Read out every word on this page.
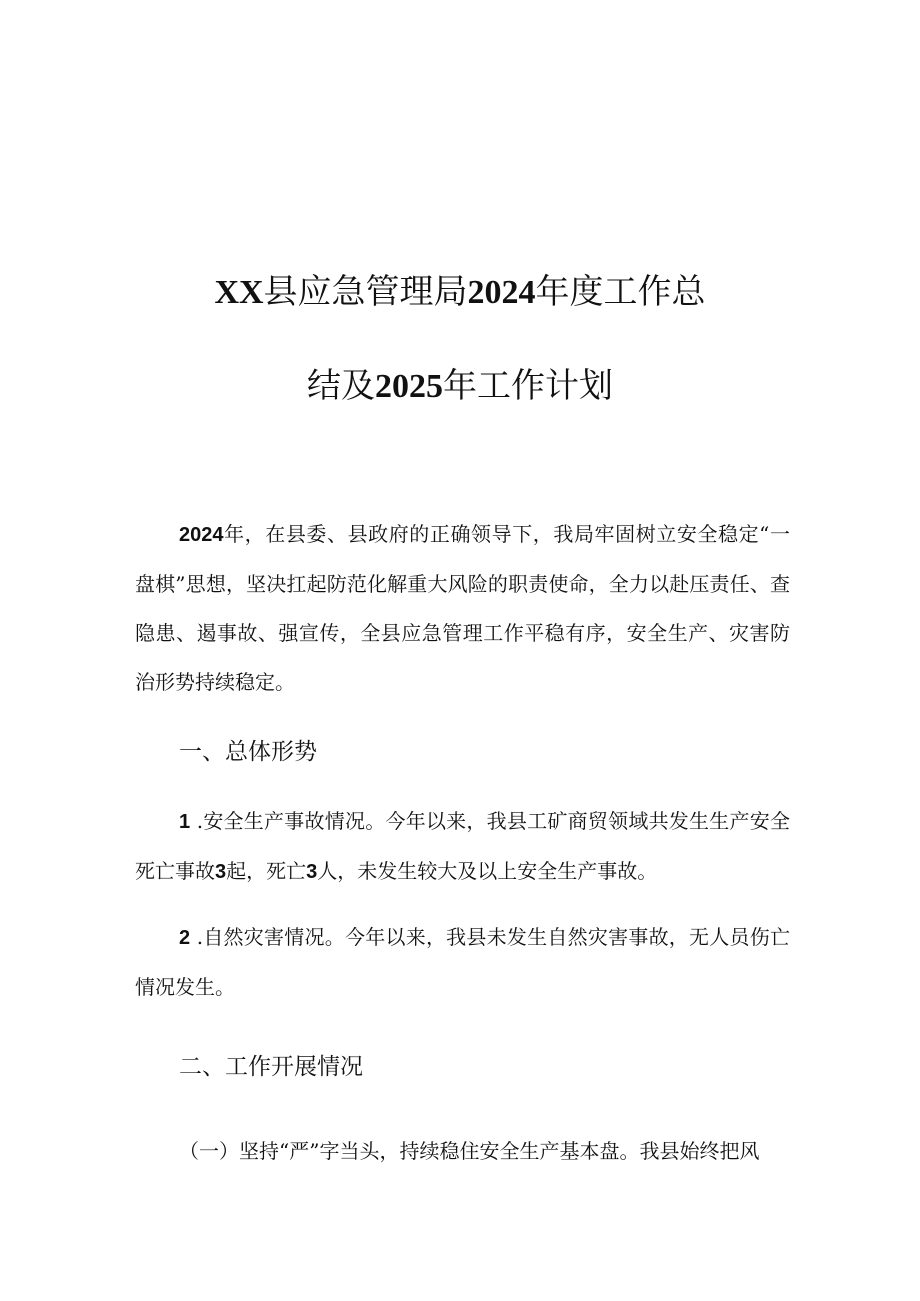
XX县应急管理局2024年度工作总
结及2025年工作计划
2024年，在县委、县政府的正确领导下，我局牢固树立安全稳定“一盘棋”思想，坚决扛起防范化解重大风险的职责使命，全力以赴压责任、查隐患、遏事故、强宣传，全县应急管理工作平稳有序，安全生产、灾害防治形势持续稳定。
一、总体形势
1 .安全生产事故情况。今年以来，我县工矿商贸领域共发生生产安全死亡事故3起，死亡3人，未发生较大及以上安全生产事故。
2 .自然灾害情况。今年以来，我县未发生自然灾害事故，无人员伤亡情况发生。
二、工作开展情况
（一）坚持“严”字当头，持续稳住安全生产基本盘。我县始终把风
